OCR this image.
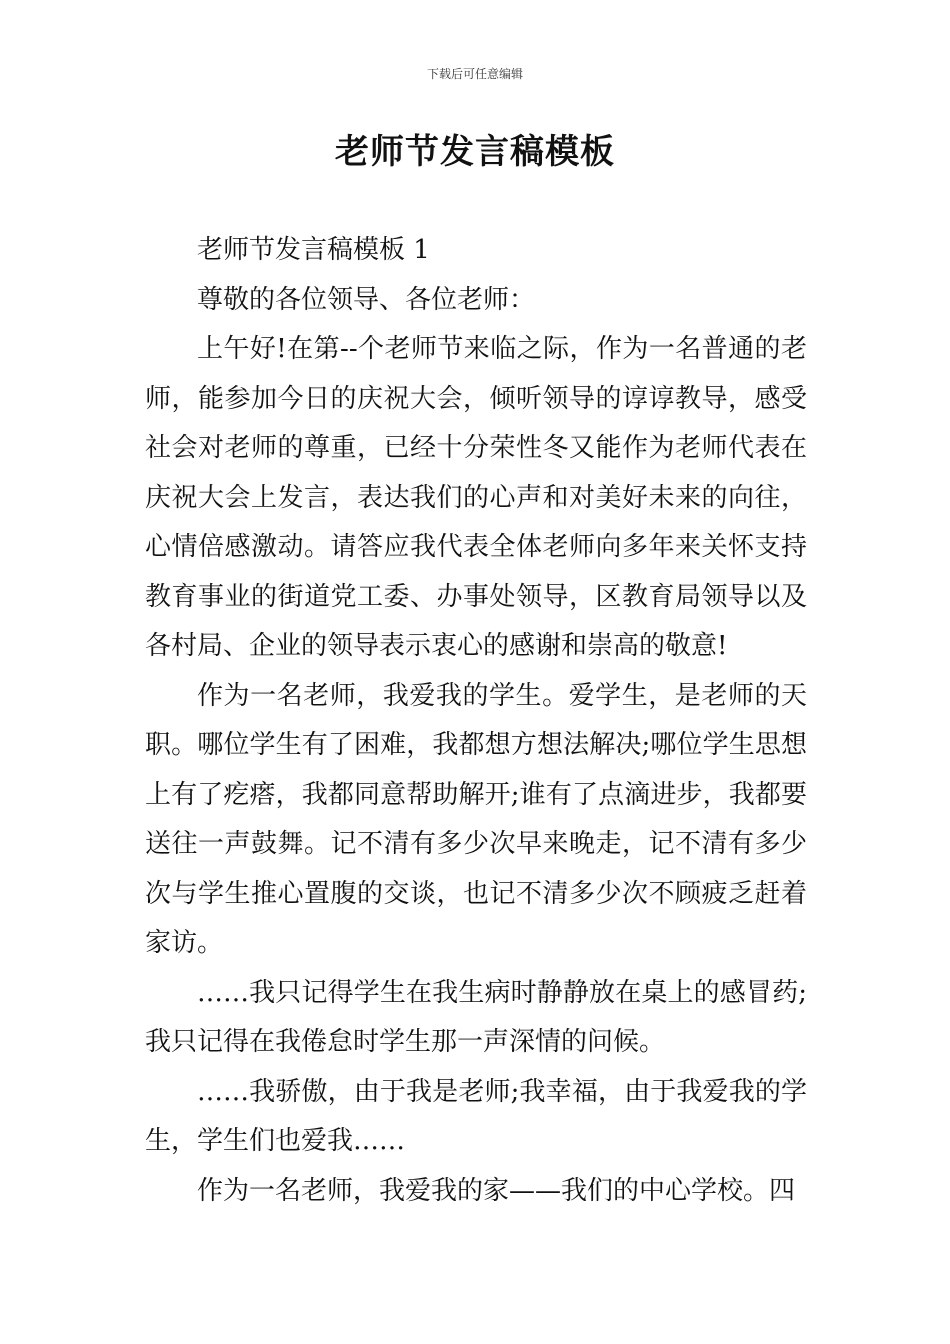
下载后可任意编辑
老师节发言稿模板

老师节发言稿模板 1

尊敬的各位领导、各位老师：

上午好!在第--个老师节来临之际，作为一名普通的老师，能参加今日的庆祝大会，倾听领导的谆谆教导，感受社会对老师的尊重，已经十分荣性冬又能作为老师代表在庆祝大会上发言，表达我们的心声和对美好未来的向往，心情倍感激动。请答应我代表全体老师向多年来关怀支持教育事业的街道党工委、办事处领导，区教育局领导以及各村局、企业的领导表示衷心的感谢和崇高的敬意!

作为一名老师，我爱我的学生。爱学生，是老师的天职。哪位学生有了困难，我都想方想法解决;哪位学生思想上有了疙瘩，我都同意帮助解开;谁有了点滴进步，我都要送往一声鼓舞。记不清有多少次早来晚走，记不清有多少次与学生推心置腹的交谈，也记不清多少次不顾疲乏赶着家访。

……我只记得学生在我生病时静静放在桌上的感冒药;我只记得在我倦怠时学生那一声深情的问候。

……我骄傲，由于我是老师;我幸福，由于我爱我的学生，学生们也爱我……

作为一名老师，我爱我的家——我们的中心学校。四
